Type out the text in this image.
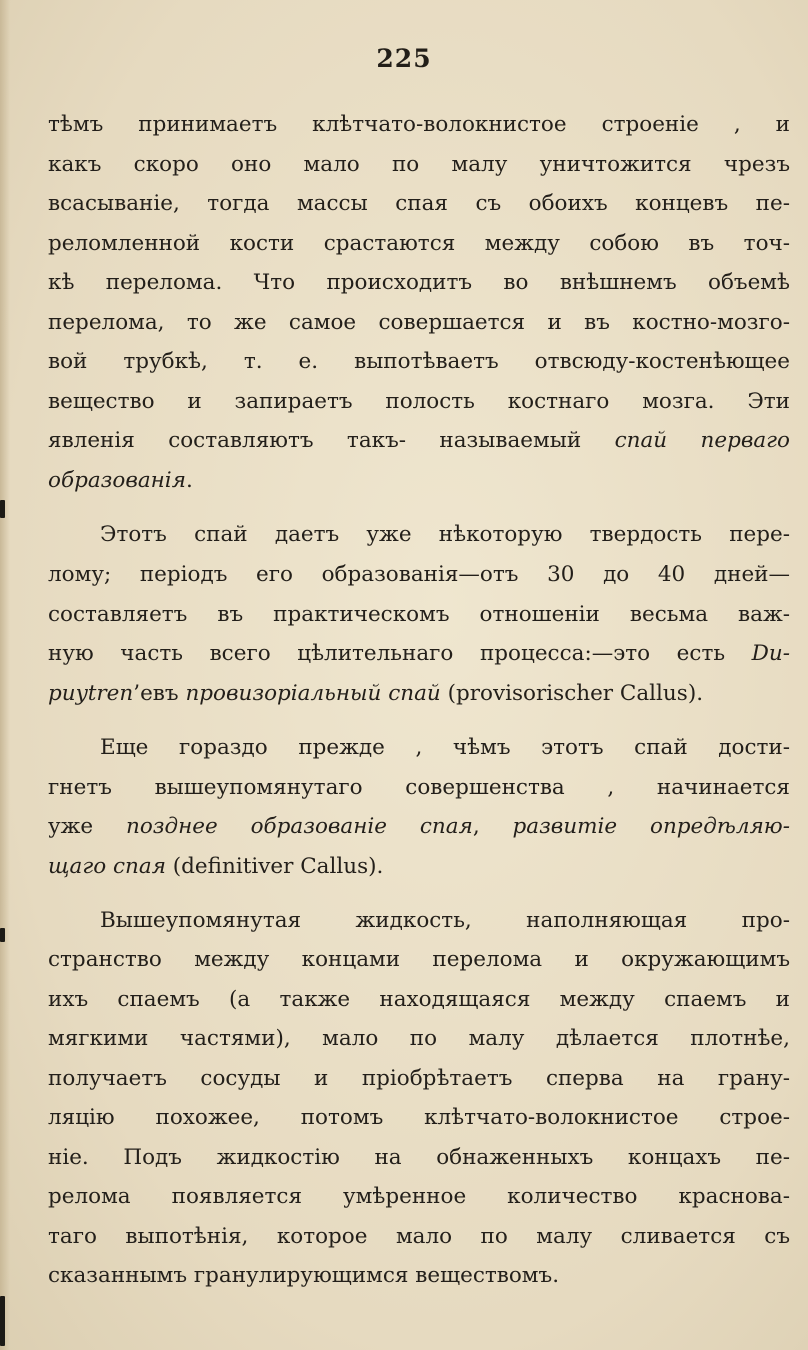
225
тѣмъ принимаетъ клѣтчато-волокнистое строеніе , и
какъ скоро оно мало по малу уничтожится чрезъ
всасываніе, тогда массы спая съ обоихъ концевъ пе-
реломленной кости срастаются между собою въ точ-
кѣ перелома. Что происходитъ во внѣшнемъ объемѣ
перелома, то же самое совершается и въ костно-мозго-
вой трубкѣ, т. е. выпотѣваетъ отвсюду-костенѣющее
вещество и запираетъ полость костнаго мозга. Эти
явленія составляютъ такъ- называемый спай перваго
образованія.
Этотъ спай даетъ уже нѣкоторую твердость пере-
лому; періодъ его образованія—отъ 30 до 40 дней—
составляетъ въ практическомъ отношеніи весьма важ-
ную часть всего цѣлительнаго процесса:—это есть Du-
puytren’евъ провизоріальный спай (provisorischer Callus).
Еще гораздо прежде , чѣмъ этотъ спай дости-
гнетъ вышеупомянутаго совершенства , начинается
уже позднее образованіе спая, развитіе опредѣляю-
щаго спая (definitiver Callus).
Вышеупомянутая жидкость, наполняющая про-
странство между концами перелома и окружающимъ
ихъ спаемъ (а также находящаяся между спаемъ и
мягкими частями), мало по малу дѣлается плотнѣе,
получаетъ сосуды и пріобрѣтаетъ сперва на грану-
ляцію похожее, потомъ клѣтчато-волокнистое строе-
ніе. Подъ жидкостію на обнаженныхъ концахъ пе-
релома появляется умѣренное количество краснова-
таго выпотѣнія, которое мало по малу сливается съ
сказаннымъ гранулирующимся веществомъ.
